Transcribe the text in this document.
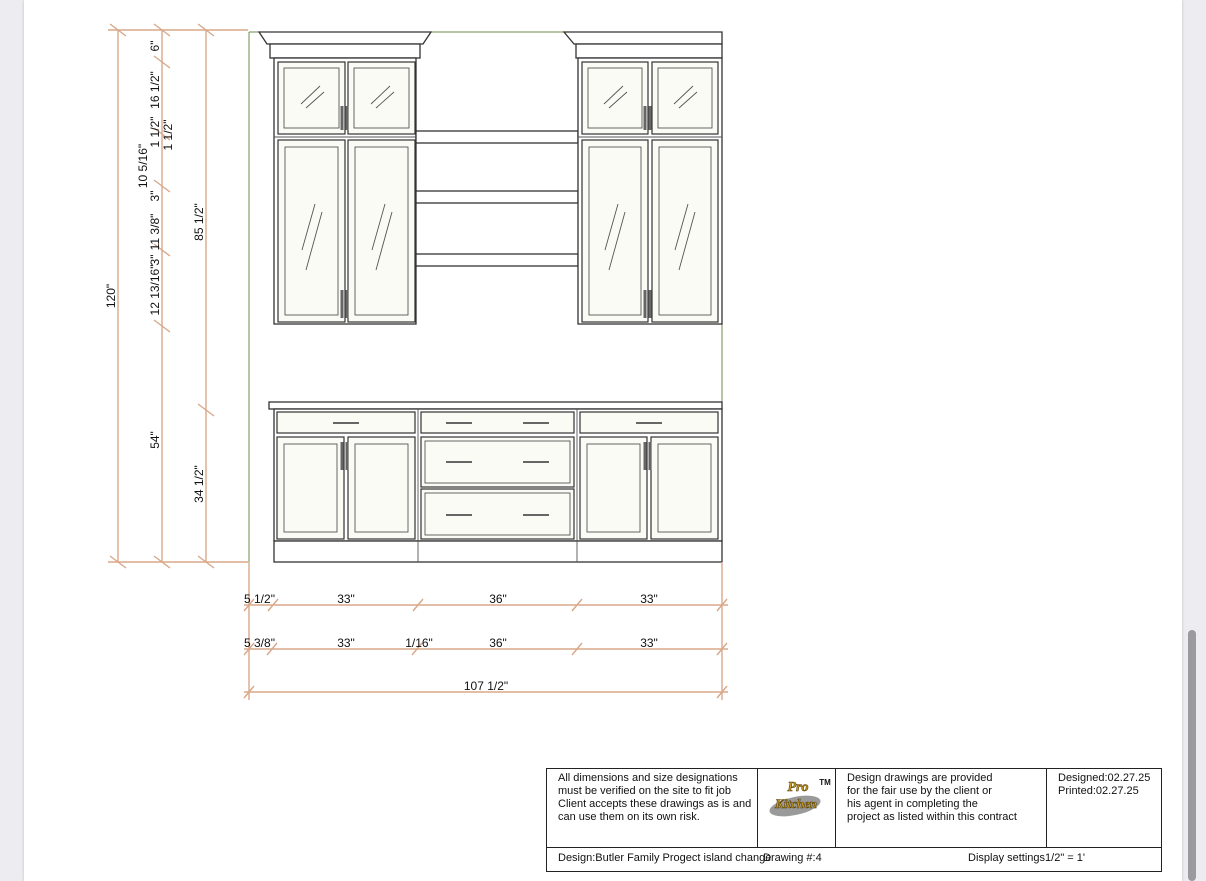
120"
6"
16 1/2"
1 1/2" 1 1/2"
10 5/16"
3"
11 3/8"
3"
12 13/16"
54"
85 1/2"
34 1/2"
5 1/2"	33"	36"	33"
5 3/8"	33"	1/16"	36"	33"
107 1/2"
All dimensions and size designations
must be verified on the site to fit job
Client accepts these drawings as is and
can use them on its own risk.
Pro
Kitchen
TM Design drawings are provided
for the fair use by the client or
his agent in completing the
project as listed within this contract
Designed:02.27.25
Printed:02.27.25
Design:Butler Family Progect island change
Drawing #:4	Display settings1/2" = 1'
